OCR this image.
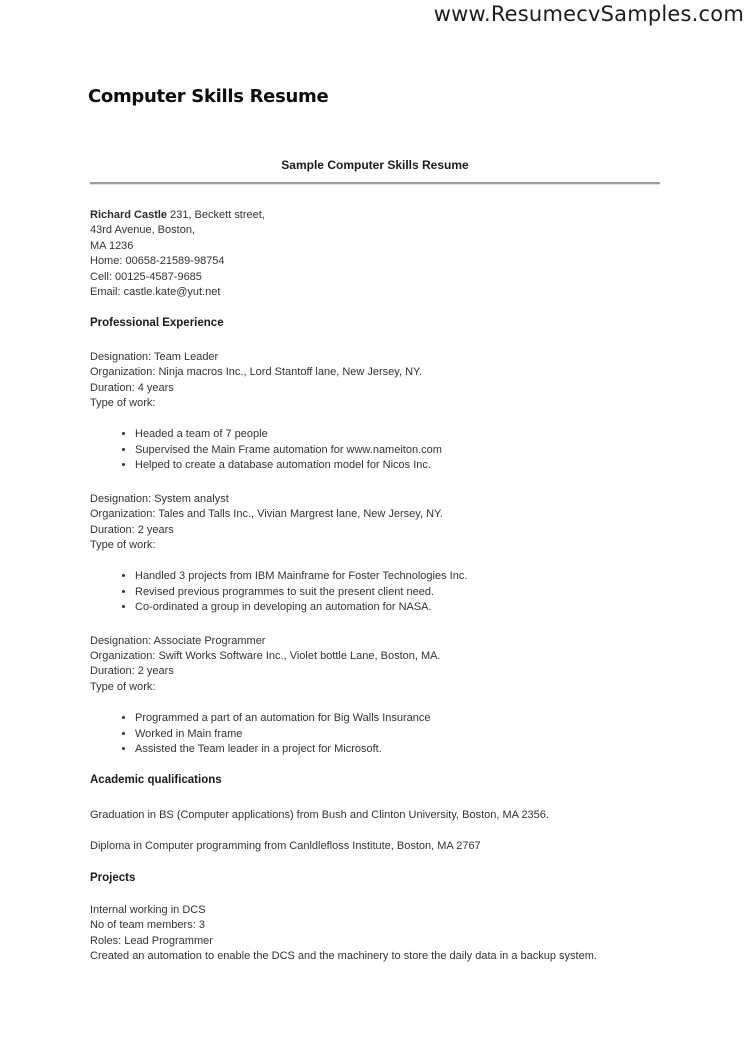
www.ResumecvSamples.com
Computer Skills Resume
Sample Computer Skills Resume
Richard Castle 231, Beckett street,
43rd Avenue, Boston,
MA 1236
Home: 00658-21589-98754
Cell: 00125-4587-9685
Email: castle.kate@yut.net
Professional Experience
Designation: Team Leader
Organization: Ninja macros Inc., Lord Stantoff lane, New Jersey, NY.
Duration: 4 years
Type of work:
• Headed a team of 7 people
• Supervised the Main Frame automation for www.nameiton.com
• Helped to create a database automation model for Nicos Inc.
Designation: System analyst
Organization: Tales and Talls Inc., Vivian Margrest lane, New Jersey, NY.
Duration: 2 years
Type of work:
• Handled 3 projects from IBM Mainframe for Foster Technologies Inc.
• Revised previous programmes to suit the present client need.
• Co-ordinated a group in developing an automation for NASA.
Designation: Associate Programmer
Organization: Swift Works Software Inc., Violet bottle Lane, Boston, MA.
Duration: 2 years
Type of work:
• Programmed a part of an automation for Big Walls Insurance
• Worked in Main frame
• Assisted the Team leader in a project for Microsoft.
Academic qualifications
Graduation in BS (Computer applications) from Bush and Clinton University, Boston, MA 2356.
Diploma in Computer programming from Canldlefloss Institute, Boston, MA 2767
Projects
Internal working in DCS
No of team members: 3
Roles: Lead Programmer
Created an automation to enable the DCS and the machinery to store the daily data in a backup system.
